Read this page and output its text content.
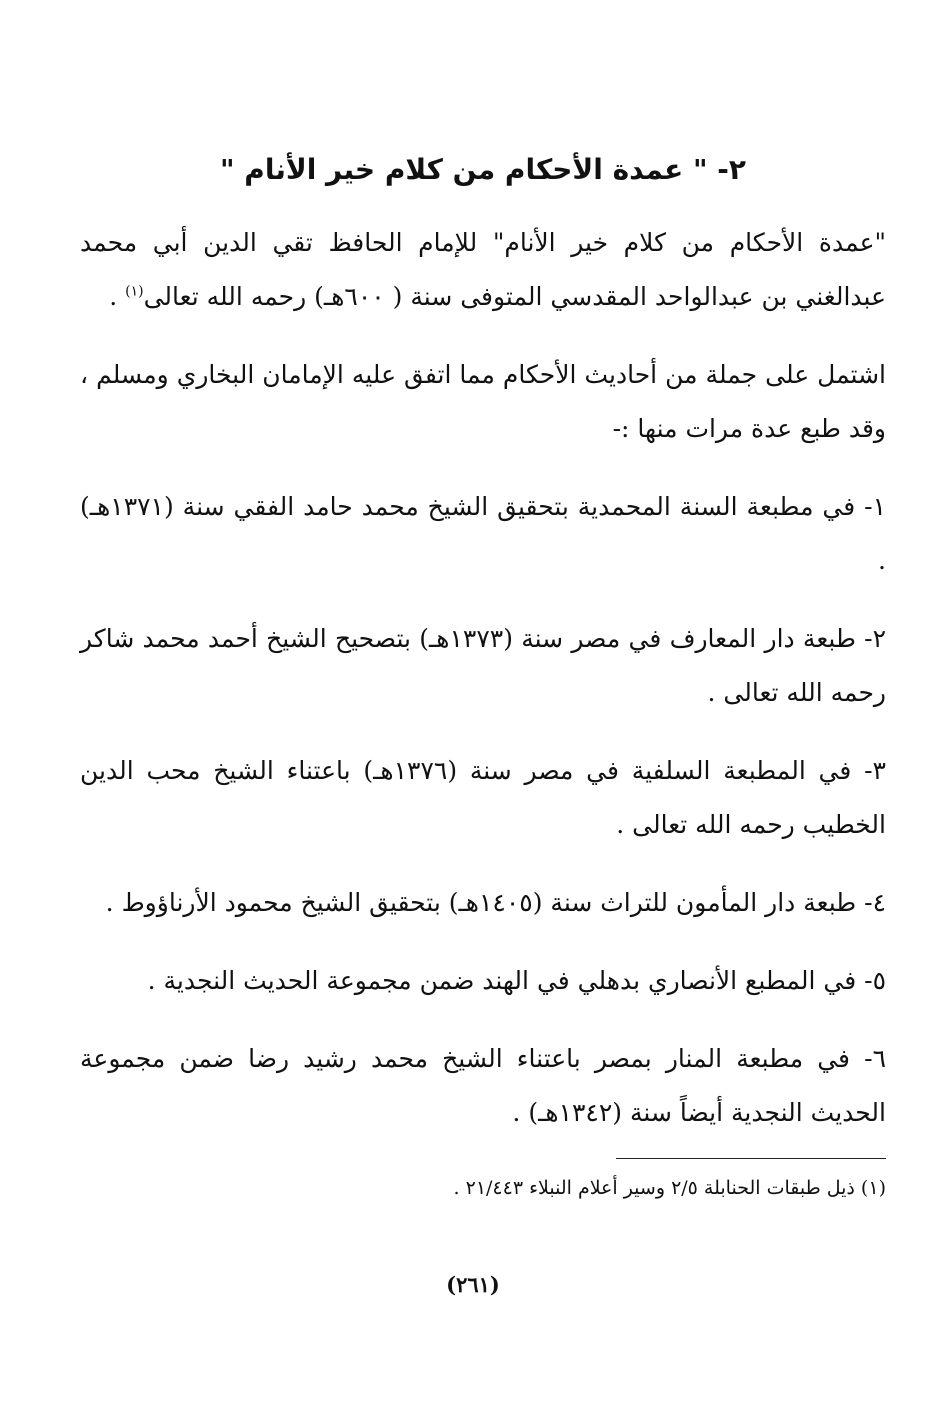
٢- " عمدة الأحكام من كلام خير الأنام "

"عمدة الأحكام من كلام خير الأنام" للإمام الحافظ تقي الدين أبي محمد عبدالغني بن عبدالواحد المقدسي المتوفى سنة ( ٦٠٠هـ) رحمه الله تعالى$^{(١)}$ .

اشتمل على جملة من أحاديث الأحكام مما اتفق عليه الإمامان البخاري ومسلم ، وقد طبع عدة مرات منها :-

١- في مطبعة السنة المحمدية بتحقيق الشيخ محمد حامد الفقي سنة (١٣٧١هـ) .

٢- طبعة دار المعارف في مصر سنة (١٣٧٣هـ) بتصحيح الشيخ أحمد محمد شاكر رحمه الله تعالى .

٣- في المطبعة السلفية في مصر سنة (١٣٧٦هـ) باعتناء الشيخ محب الدين الخطيب رحمه الله تعالى .

٤- طبعة دار المأمون للتراث سنة (١٤٠٥هـ) بتحقيق الشيخ محمود الأرناؤوط .

٥- في المطبع الأنصاري بدهلي في الهند ضمن مجموعة الحديث النجدية .

٦- في مطبعة المنار بمصر باعتناء الشيخ محمد رشيد رضا ضمن مجموعة الحديث النجدية أيضاً سنة (١٣٤٢هـ) .

(١) ذيل طبقات الحنابلة ٢/٥ وسير أعلام النبلاء ٢١/٤٤٣ .

(٢٦١)
